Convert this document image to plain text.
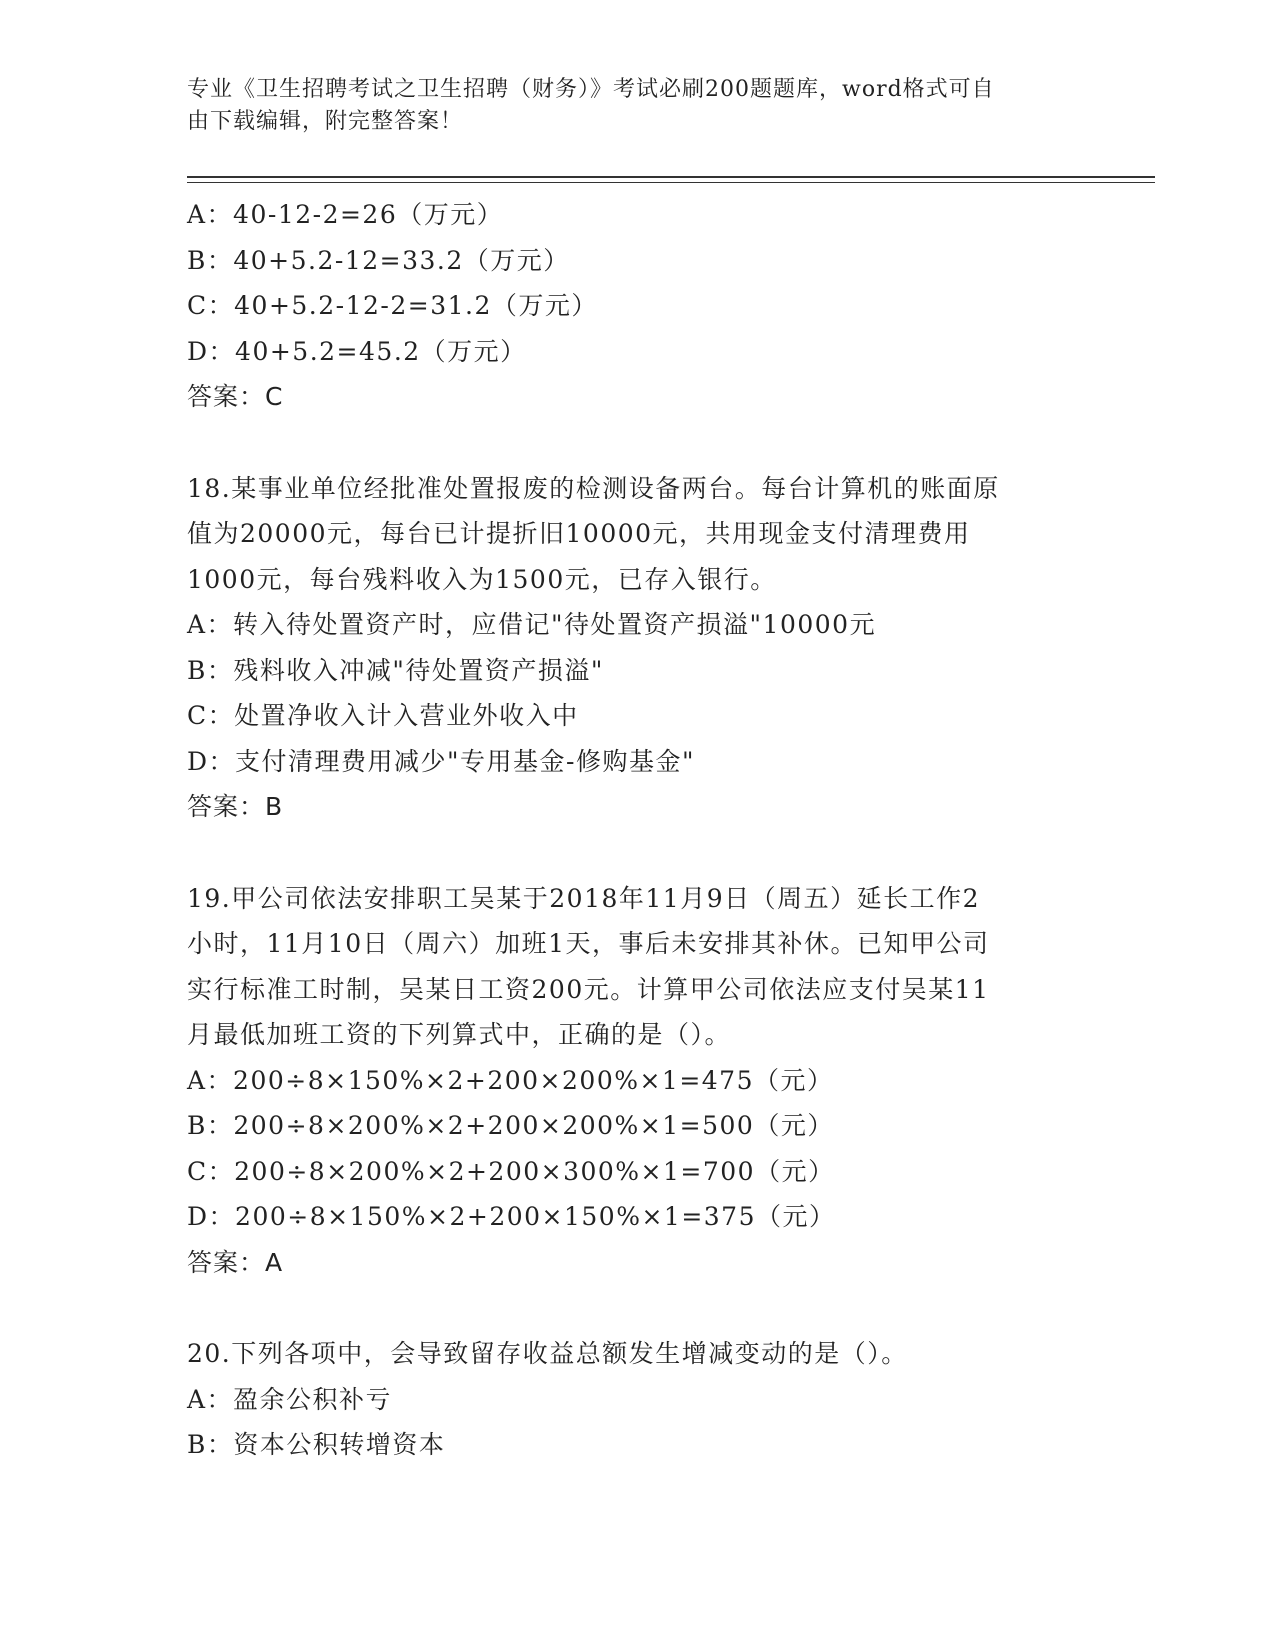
专业《卫生招聘考试之卫生招聘（财务）》考试必刷200题题库，word格式可自

由下载编辑，附完整答案！

A：40-12-2=26（万元）

B：40+5.2-12=33.2（万元）

C：40+5.2-12-2=31.2（万元）

D：40+5.2=45.2（万元）

答案：C

18.某事业单位经批准处置报废的检测设备两台。每台计算机的账面原

值为20000元，每台已计提折旧10000元，共用现金支付清理费用

1000元，每台残料收入为1500元，已存入银行。

A：转入待处置资产时，应借记"待处置资产损溢"10000元

B：残料收入冲减"待处置资产损溢"

C：处置净收入计入营业外收入中

D：支付清理费用减少"专用基金-修购基金"

答案：B

19.甲公司依法安排职工吴某于2018年11月9日（周五）延长工作2

小时，11月10日（周六）加班1天，事后未安排其补休。已知甲公司

实行标准工时制，吴某日工资200元。计算甲公司依法应支付吴某11

月最低加班工资的下列算式中，正确的是（）。

A：200÷8×150%×2+200×200%×1=475（元）

B：200÷8×200%×2+200×200%×1=500（元）

C：200÷8×200%×2+200×300%×1=700（元）

D：200÷8×150%×2+200×150%×1=375（元）

答案：A

20.下列各项中，会导致留存收益总额发生增减变动的是（）。

A：盈余公积补亏

B：资本公积转增资本
